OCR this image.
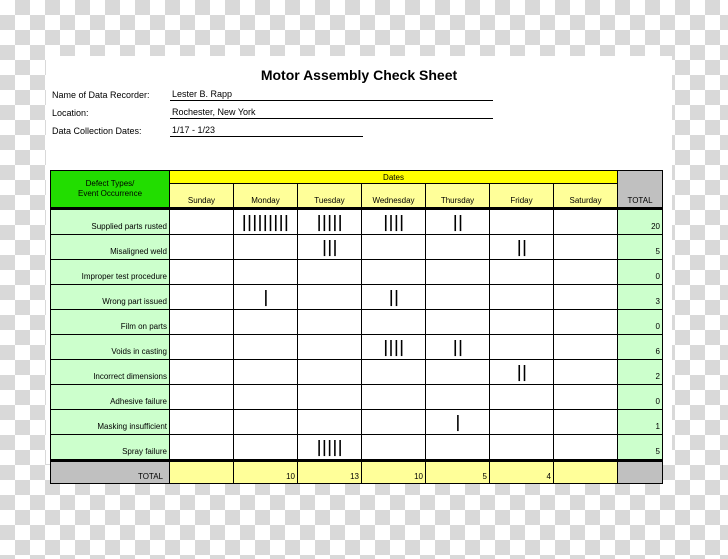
Motor Assembly Check Sheet
Name of Data Recorder: Lester B. Rapp
Location:	Rochester, New York
Data Collection Dates:	1/17 - 1/23
Defect Types/
Event Occurrence	Dates							TOTAL
	Sunday	Monday	Tuesday	Wednesday	Thursday	Friday	Saturday	
Supplied parts rusted		|||||||||	|||||	||||	||			20
Misaligned weld			|||			||		5
Improper test procedure								0
Wrong part issued		|		||				3
Film on parts								0
Voids in casting				||||	||			6
Incorrect dimensions						||		2
Adhesive failure								0
Masking insufficient					|			1
Spray failure			|||||					5
TOTAL		10	13	10	5	4		
